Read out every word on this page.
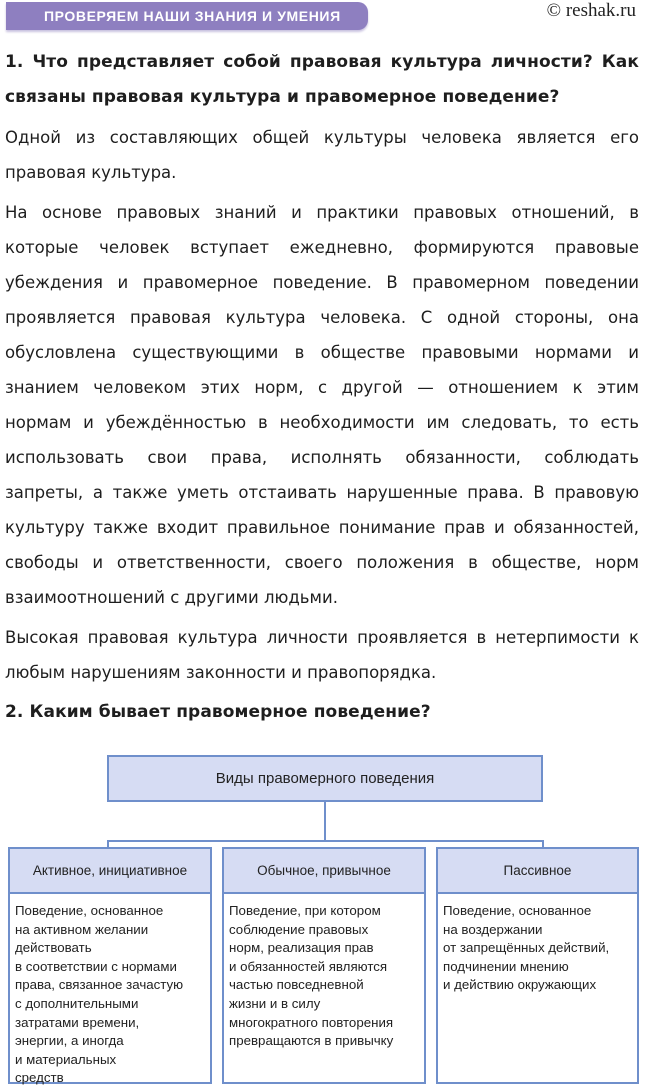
ПРОВЕРЯЕМ НАШИ ЗНАНИЯ И УМЕНИЯ	© reshak.ru
1. Что представляет собой правовая культура личности? Как
связаны правовая культура и правомерное поведение?
Одной из составляющих общей культуры человека является его
правовая культура.
На основе правовых знаний и практики правовых отношений, в
которые человек вступает ежедневно, формируются правовые
убеждения и правомерное поведение. В правомерном поведении
проявляется правовая культура человека. С одной стороны, она
обусловлена существующими в обществе правовыми нормами и
знанием человеком этих норм, с другой — отношением к этим
нормам и убеждённостью в необходимости им следовать, то есть
использовать свои права, исполнять обязанности, соблюдать
запреты, а также уметь отстаивать нарушенные права. В правовую
культуру также входит правильное понимание прав и обязанностей,
свободы и ответственности, своего положения в обществе, норм
взаимоотношений с другими людьми.
Высокая правовая культура личности проявляется в нетерпимости к
любым нарушениям законности и правопорядка.
2. Каким бывает правомерное поведение?
Виды правомерного поведения
Активное, инициативное
Поведение, основанное
на активном желании
действовать
в соответствии с нормами
права, связанное зачастую
с дополнительными
затратами времени,
энергии, а иногда
и материальных
средств
Обычное, привычное
Поведение, при котором
соблюдение правовых
норм, реализация прав
и обязанностей являются
частью повседневной
жизни и в силу
многократного повторения
превращаются в привычку
Пассивное
Поведение, основанное
на воздержании
от запрещённых действий,
подчинении мнению
и действию окружающих
